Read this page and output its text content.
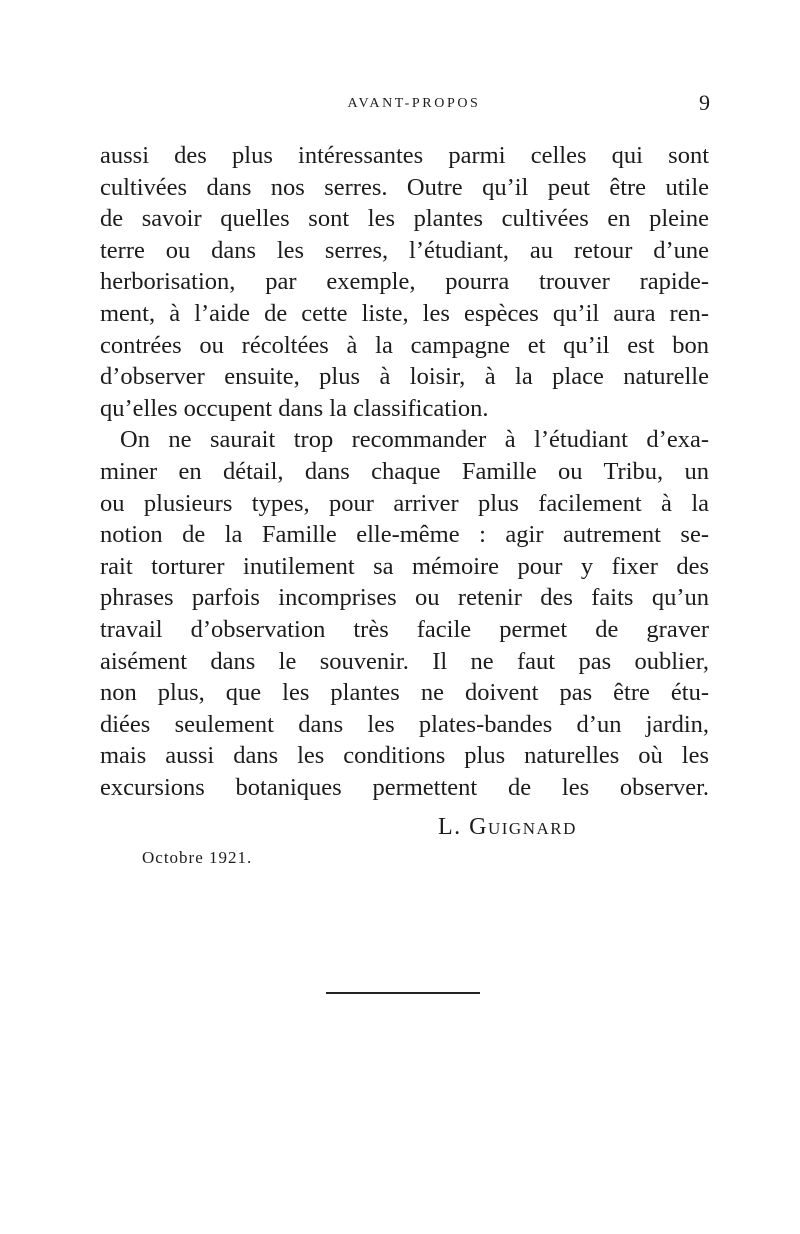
AVANT-PROPOS	9
aussi des plus intéressantes parmi celles qui sont
cultivées dans nos serres. Outre qu’il peut être utile
de savoir quelles sont les plantes cultivées en pleine
terre ou dans les serres, l’étudiant, au retour d’une
herborisation, par exemple, pourra trouver rapide-
ment, à l’aide de cette liste, les espèces qu’il aura ren-
contrées ou récoltées à la campagne et qu’il est bon
d’observer ensuite, plus à loisir, à la place naturelle
qu’elles occupent dans la classification.
On ne saurait trop recommander à l’étudiant d’exa-
miner en détail, dans chaque Famille ou Tribu, un
ou plusieurs types, pour arriver plus facilement à la
notion de la Famille elle-même : agir autrement se-
rait torturer inutilement sa mémoire pour y fixer des
phrases parfois incomprises ou retenir des faits qu’un
travail d’observation très facile permet de graver
aisément dans le souvenir. Il ne faut pas oublier,
non plus, que les plantes ne doivent pas être étu-
diées seulement dans les plates-bandes d’un jardin,
mais aussi dans les conditions plus naturelles où les
excursions botaniques permettent de les observer.
L. Guignard
Octobre 1921.
